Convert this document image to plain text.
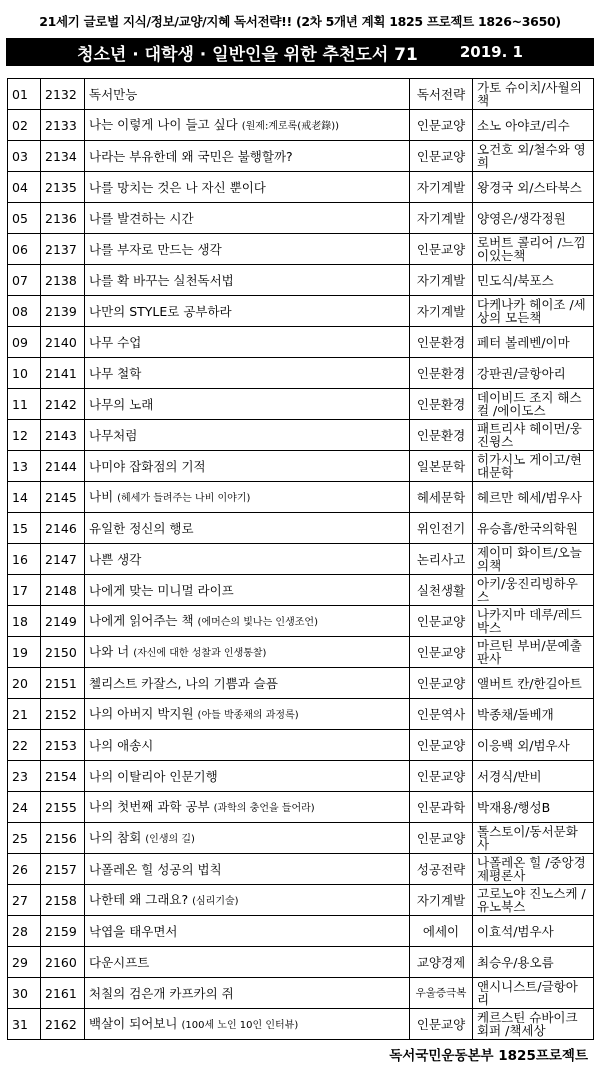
21세기 글로벌 지식/정보/교양/지혜 독서전략!! (2차 5개년 계획 1825 프로젝트 1826~3650)
청소년 · 대학생 · 일반인을 위한 추천도서 71	2019. 1
01	2132	독서만능	독서전략	가토 슈이치/사월의 책
02	2133	나는 이렇게 나이 들고 싶다 (원제:계로록(戒老錄))	인문교양	소노 아야코/리수
03	2134	나라는 부유한데 왜 국민은 불행할까?	인문교양	오건호 외/철수와 영희
04	2135	나를 망치는 것은 나 자신 뿐이다	자기계발	왕경국 외/스타북스
05	2136	나를 발견하는 시간	자기계발	양영은/생각정원
06	2137	나를 부자로 만드는 생각	인문교양	로버트 콜리어 /느낌이있는책
07	2138	나를 확 바꾸는 실천독서법	자기계발	민도식/북포스
08	2139	나만의 STYLE로 공부하라	자기계발	다케나카 헤이조 /세상의 모든책
09	2140	나무 수업	인문환경	페터 볼레벤/이마
10	2141	나무 철학	인문환경	강판권/글항아리
11	2142	나무의 노래	인문환경	데이비드 조지 해스컬 /에이도스
12	2143	나무처럼	인문환경	패트리샤 헤이먼/웅진윙스
13	2144	나미야 잡화점의 기적	일본문학	히가시노 게이고/현대문학
14	2145	나비 (헤세가 들려주는 나비 이야기)	헤세문학	헤르만 헤세/범우사
15	2146	유일한 정신의 행로	위인전기	유승흠/한국의학원
16	2147	나쁜 생각	논리사고	제이미 화이트/오늘의책
17	2148	나에게 맞는 미니멀 라이프	실천생활	아키/웅진리빙하우스
18	2149	나에게 읽어주는 책 (에머슨의 빛나는 인생조언)	인문교양	나카지마 데루/레드박스
19	2150	나와 너 (자신에 대한 성찰과 인생통찰)	인문교양	마르틴 부버/문예출판사
20	2151	첼리스트 카잘스, 나의 기쁨과 슬픔	인문교양	앨버트 칸/한길아트
21	2152	나의 아버지 박지원 (아들 박종채의 과정록)	인문역사	박종채/돌베개
22	2153	나의 애송시	인문교양	이응백 외/범우사
23	2154	나의 이탈리아 인문기행	인문교양	서경식/반비
24	2155	나의 첫번째 과학 공부 (과학의 충언을 들어라)	인문과학	박재용/행성B
25	2156	나의 참회 (인생의 길)	인문교양	톨스토이/동서문화사
26	2157	나폴레온 힐 성공의 법칙	성공전략	나폴레온 힐 /중앙경제평론사
27	2158	나한테 왜 그래요? (심리기술)	자기계발	고로노야 진노스케 /유노북스
28	2159	낙엽을 태우면서	에세이	이효석/범우사
29	2160	다운시프트	교양경제	최승우/용오름
30	2161	처칠의 검은개 카프카의 쥐	우울증극복	앤시니스트/글항아리
31	2162	백살이 되어보니 (100세 노인 10인 인터뷰)	인문교양	케르스틴 슈바이크회퍼 /책세상
독서국민운동본부 1825프로젝트
